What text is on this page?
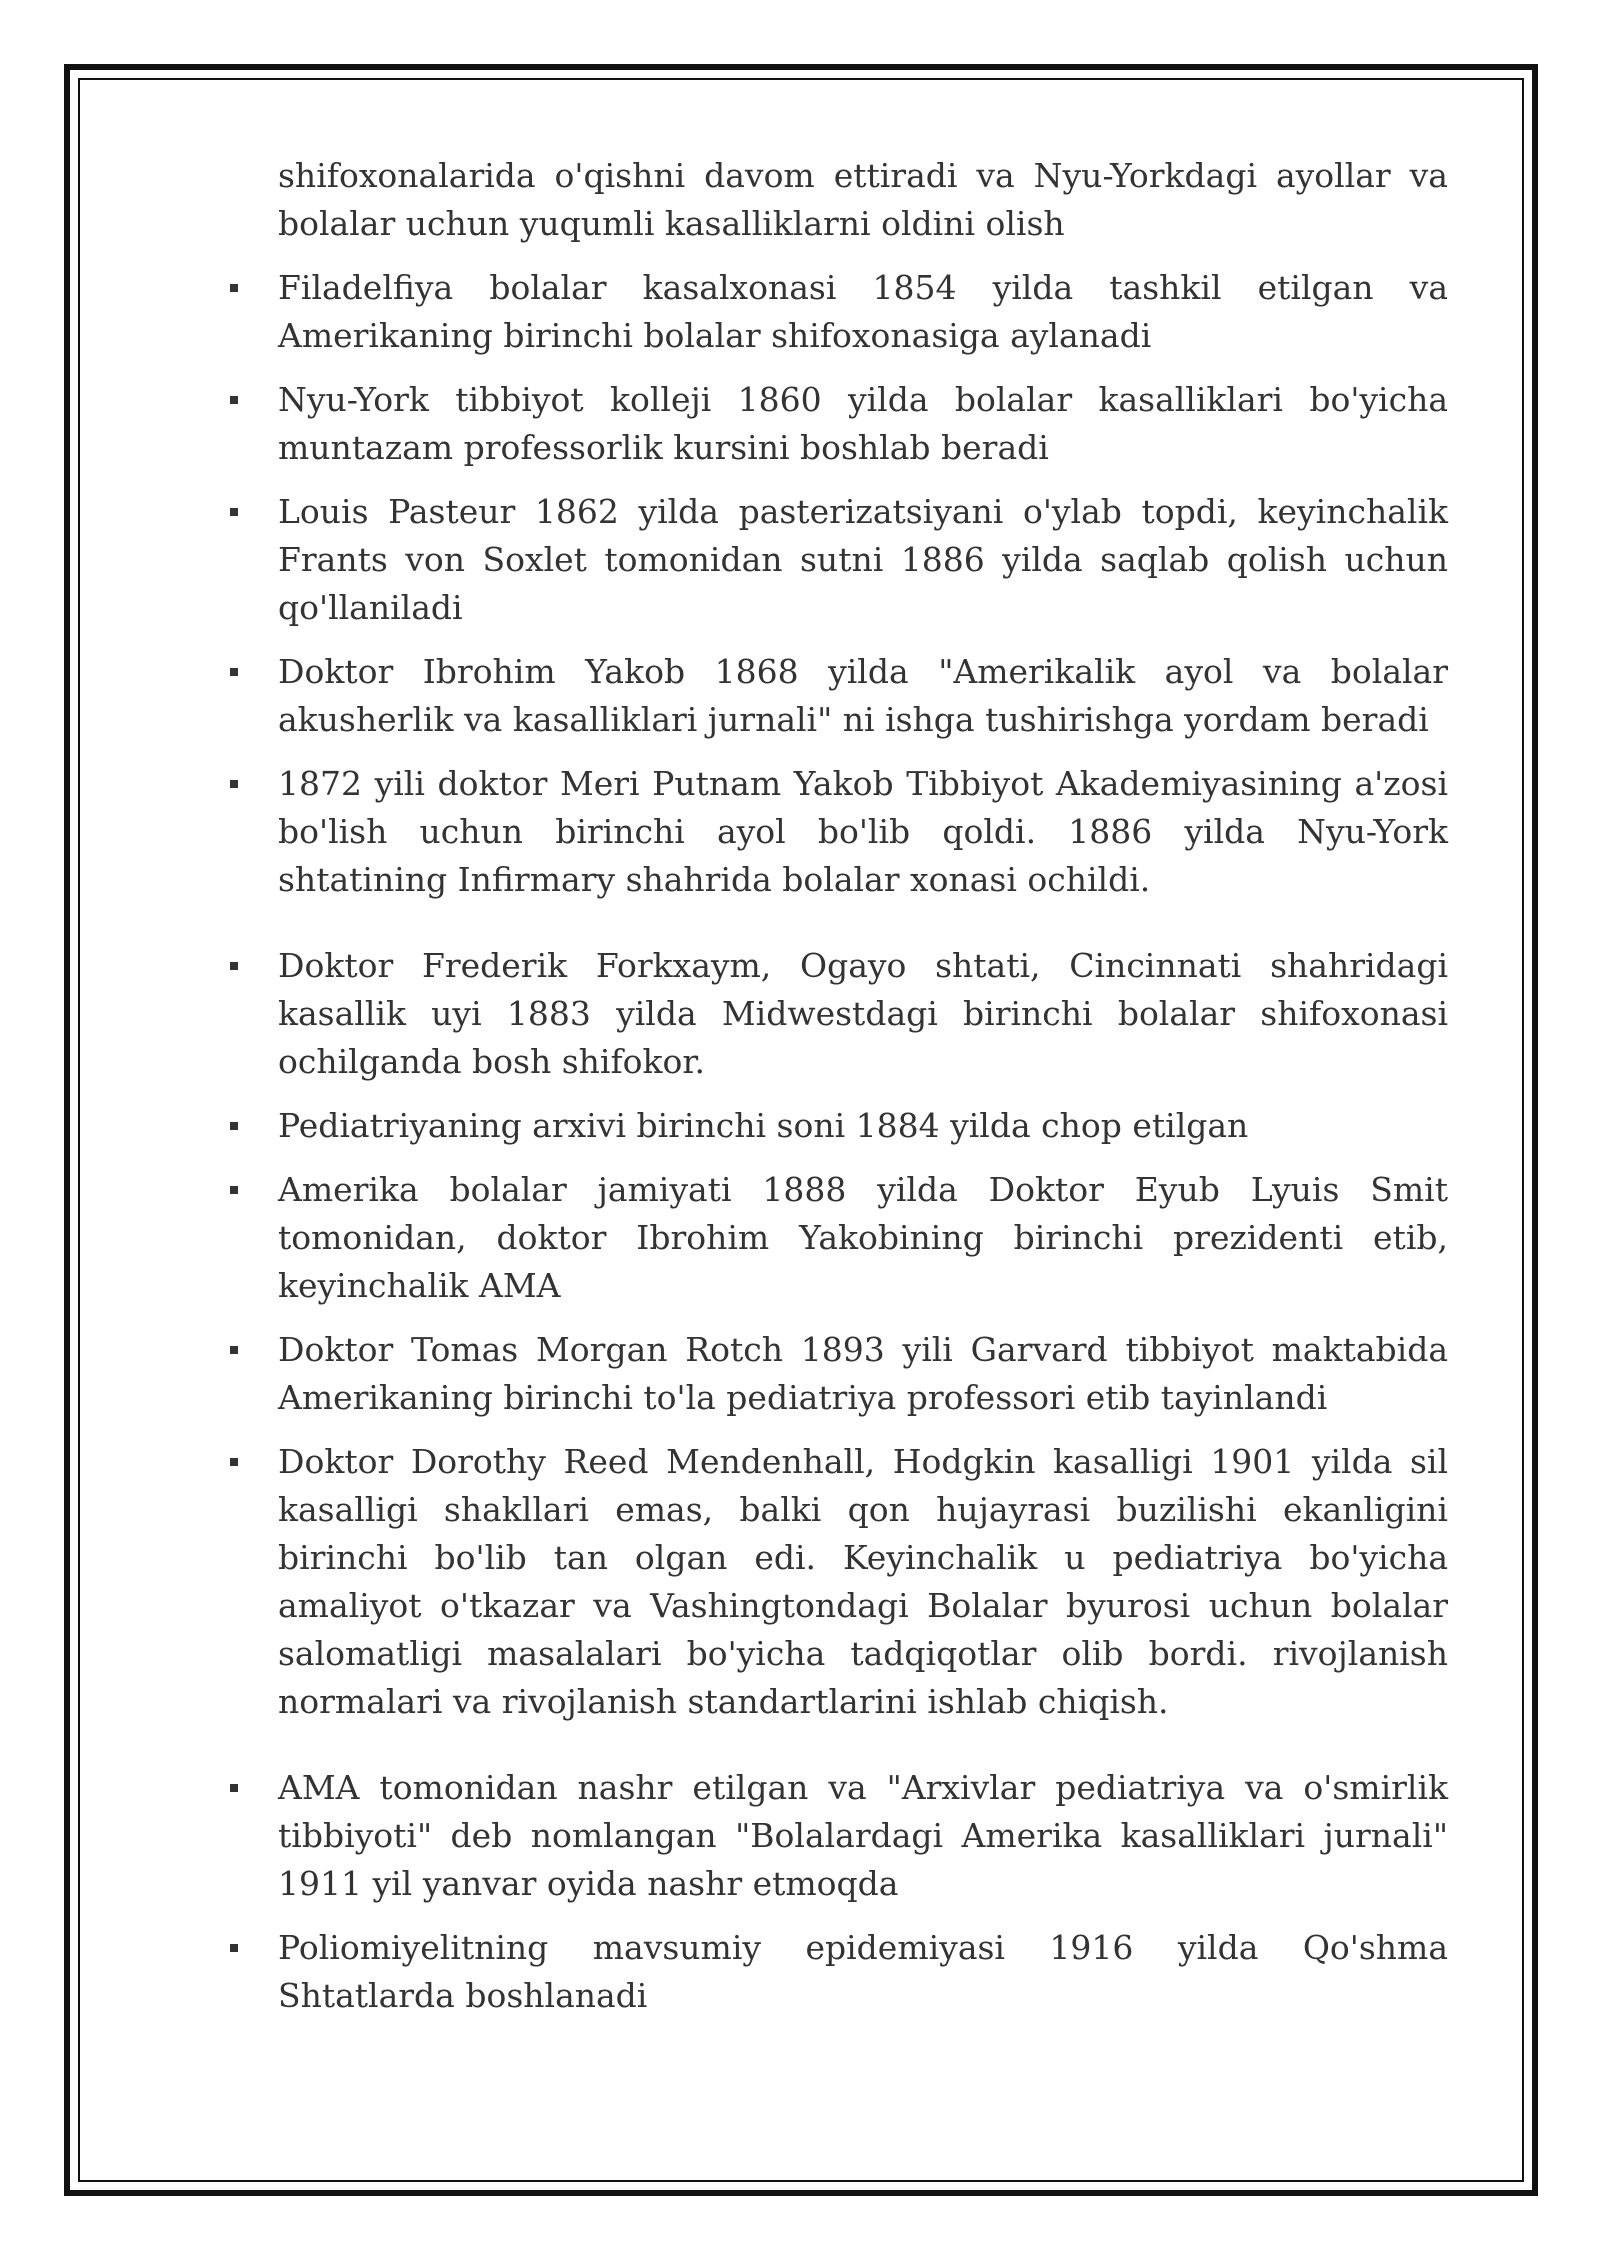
shifoxonalarida o'qishni davom ettiradi va Nyu-Yorkdagi ayollar va bolalar uchun yuqumli kasalliklarni oldini olish

Filadelfiya bolalar kasalxonasi 1854 yilda tashkil etilgan va Amerikaning birinchi bolalar shifoxonasiga aylanadi
Nyu-York tibbiyot kolleji 1860 yilda bolalar kasalliklari bo'yicha muntazam professorlik kursini boshlab beradi
Louis Pasteur 1862 yilda pasterizatsiyani o'ylab topdi, keyinchalik Frants von Soxlet tomonidan sutni 1886 yilda saqlab qolish uchun qo'llaniladi
Doktor Ibrohim Yakob 1868 yilda "Amerikalik ayol va bolalar akusherlik va kasalliklari jurnali" ni ishga tushirishga yordam beradi
1872 yili doktor Meri Putnam Yakob Tibbiyot Akademiyasining a'zosi bo'lish uchun birinchi ayol bo'lib qoldi. 1886 yilda Nyu-York shtatining Infirmary shahrida bolalar xonasi ochildi.
Doktor Frederik Forkxaym, Ogayo shtati, Cincinnati shahridagi kasallik uyi 1883 yilda Midwestdagi birinchi bolalar shifoxonasi ochilganda bosh shifokor.
Pediatriyaning arxivi birinchi soni 1884 yilda chop etilgan
Amerika bolalar jamiyati 1888 yilda Doktor Eyub Lyuis Smit tomonidan, doktor Ibrohim Yakobining birinchi prezidenti etib, keyinchalik AMA
Doktor Tomas Morgan Rotch 1893 yili Garvard tibbiyot maktabida Amerikaning birinchi to'la pediatriya professori etib tayinlandi
Doktor Dorothy Reed Mendenhall, Hodgkin kasalligi 1901 yilda sil kasalligi shakllari emas, balki qon hujayrasi buzilishi ekanligini birinchi bo'lib tan olgan edi. Keyinchalik u pediatriya bo'yicha amaliyot o'tkazar va Vashingtondagi Bolalar byurosi uchun bolalar salomatligi masalalari bo'yicha tadqiqotlar olib bordi. rivojlanish normalari va rivojlanish standartlarini ishlab chiqish.
AMA tomonidan nashr etilgan va "Arxivlar pediatriya va o'smirlik tibbiyoti" deb nomlangan "Bolalardagi Amerika kasalliklari jurnali" 1911 yil yanvar oyida nashr etmoqda
Poliomiyelitning mavsumiy epidemiyasi 1916 yilda Qo'shma Shtatlarda boshlanadi
